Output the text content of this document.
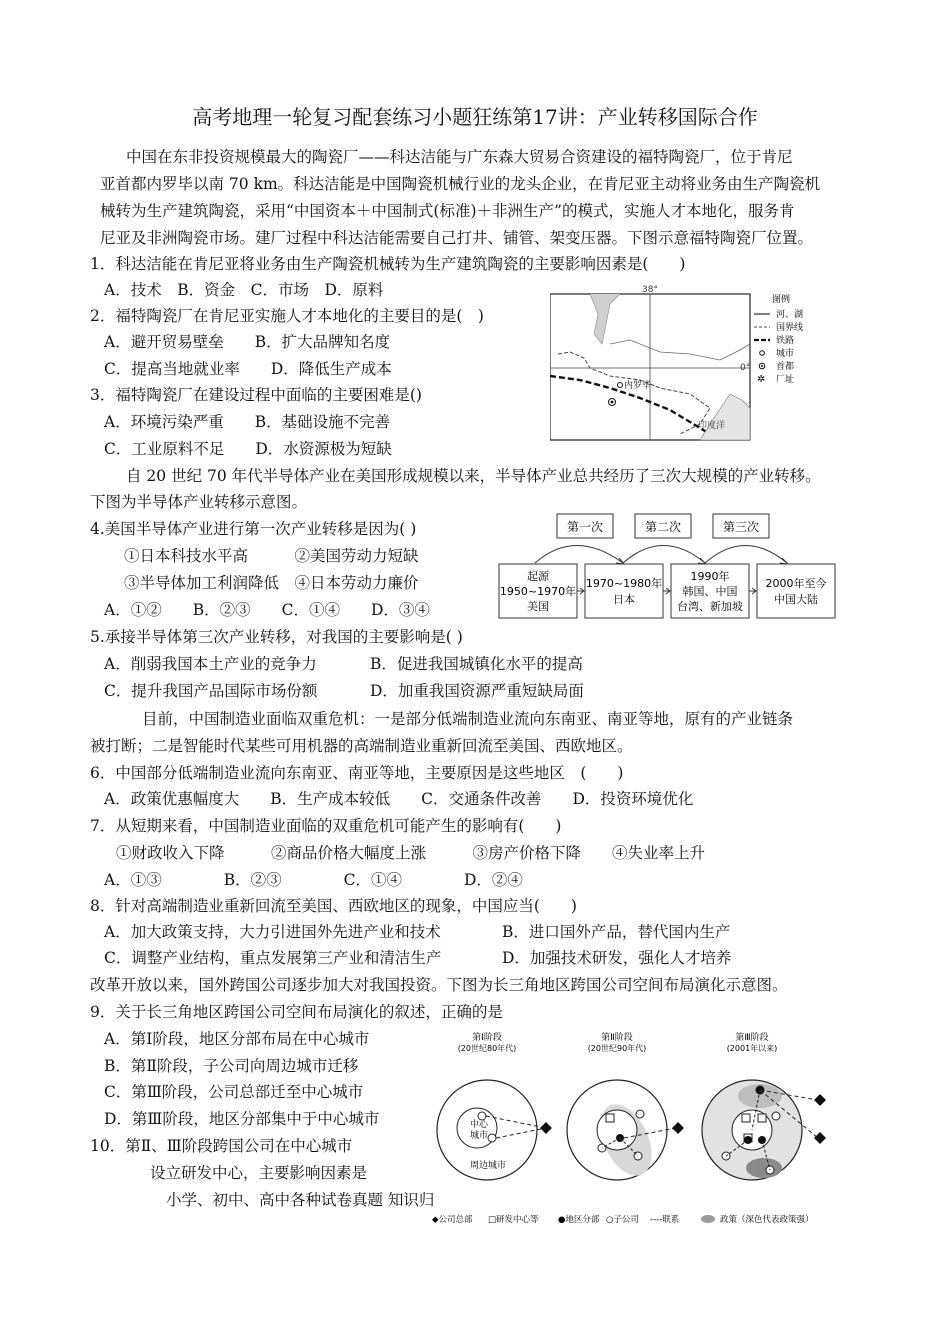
高考地理一轮复习配套练习小题狂练第17讲：产业转移国际合作
中国在东非投资规模最大的陶瓷厂——科达洁能与广东森大贸易合资建设的福特陶瓷厂，位于肯尼
亚首都内罗毕以南 70 km。科达洁能是中国陶瓷机械行业的龙头企业，在肯尼亚主动将业务由生产陶瓷机
械转为生产建筑陶瓷，采用“中国资本＋中国制式(标准)＋非洲生产”的模式，实施人才本地化，服务肯
尼亚及非洲陶瓷市场。建厂过程中科达洁能需要自己打井、铺管、架变压器。下图示意福特陶瓷厂位置。
1．科达洁能在肯尼亚将业务由生产陶瓷机械转为生产建筑陶瓷的主要影响因素是(　　)
A．技术　B．资金　C．市场　D．原料
2．福特陶瓷厂在肯尼亚实施人才本地化的主要目的是(　)
A．避开贸易壁垒　　B．扩大品牌知名度
C．提高当地就业率　　D．降低生产成本
3．福特陶瓷厂在建设过程中面临的主要困难是()
A．环境污染严重　　B．基础设施不完善
C．工业原料不足　　D．水资源极为短缺
38°
印度洋
内罗毕
0°
图例
河、湖
国界线
铁路
城市
首都
✲ 厂址
自 20 世纪 70 年代半导体产业在美国形成规模以来，半导体产业总共经历了三次大规模的产业转移。
下图为半导体产业转移示意图。
4.美国半导体产业进行第一次产业转移是因为( )
①日本科技水平高　　　②美国劳动力短缺
③半导体加工利润降低　④日本劳动力廉价
A．①②　　B．②③　　C．①④　　D．③④
第一次	第二次	第三次
起源
1950~1970年
美国
1970~1980年
日本
1990年
韩国、中国
台湾、新加坡
2000年至今
中国大陆
5.承接半导体第三次产业转移，对我国的主要影响是( )
A．削弱我国本土产业的竞争力	B．促进我国城镇化水平的提高
C．提升我国产品国际市场份额	D．加重我国资源严重短缺局面
目前，中国制造业面临双重危机：一是部分低端制造业流向东南亚、南亚等地，原有的产业链条
被打断；二是智能时代某些可用机器的高端制造业重新回流至美国、西欧地区。
6．中国部分低端制造业流向东南亚、南亚等地，主要原因是这些地区　(　　)
A．政策优惠幅度大　　B．生产成本较低　　C．交通条件改善　　D．投资环境优化
7．从短期来看，中国制造业面临的双重危机可能产生的影响有(　　)
①财政收入下降　　　②商品价格大幅度上涨　　　③房产价格下降　　④失业率上升
A．①③　　　　B．②③　　　　C．①④　　　　D．②④
8．针对高端制造业重新回流至美国、西欧地区的现象，中国应当(　　)
A．加大政策支持，大力引进国外先进产业和技术	B．进口国外产品，替代国内生产
C．调整产业结构，重点发展第三产业和清洁生产	D．加强技术研发，强化人才培养
改革开放以来，国外跨国公司逐步加大对我国投资。下图为长三角地区跨国公司空间布局演化示意图。
9．关于长三角地区跨国公司空间布局演化的叙述，正确的是
A．第Ⅰ阶段，地区分部布局在中心城市
B．第Ⅱ阶段，子公司向周边城市迁移
C．第Ⅲ阶段，公司总部迁至中心城市
D．第Ⅲ阶段，地区分部集中于中心城市
10．第Ⅱ、Ⅲ阶段跨国公司在中心城市
设立研发中心，主要影响因素是
小学、初中、高中各种试卷真题 知识归
第Ⅰ阶段
(20世纪80年代)
第Ⅱ阶段
(20世纪90年代)
第Ⅲ阶段
(2001年以来)
中心
城市
周边城市
◆公司总部 □研发中心等 ●地区分部 ○子公司 ----联系	政策（深色代表政策强）
